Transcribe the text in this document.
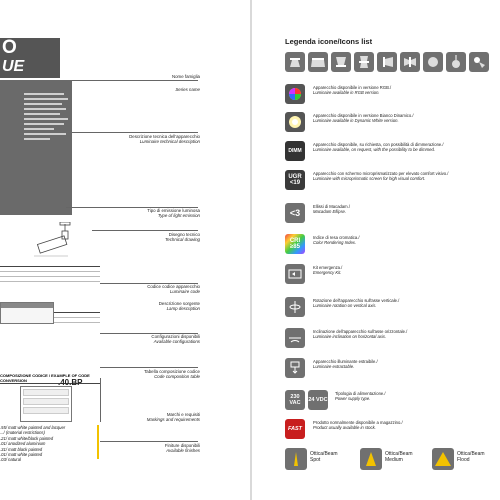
O
UE
Nome famiglia
Series name
Descrizione tecnica dell'apparecchio
Luminaire technical description
Tipo di emissione luminosa
Type of light emission
Disegno tecnico
Technical drawing
Codice codice apparecchio
Luminaire code
Descrizione sorgente
Lamp description
Configurazioni disponibili
Available configurations
Tabella composizione codice
Code composition table
COMPOSIZIONE CODICE / EXAMPLE OF CODE CONVERSION	.40.BP
Marchi e requisiti
Markings and requirements
.55/ matt white painted and lacquer
.../ (material restrictions)
.21/ matt white/black painted
.01/ anodized aluminium
.31/ matt black painted
.01/ matt white painted
.03/ natural
Finiture disponibili
Available finishes
Legenda icone/Icons list
Apparecchio disponibile in versione RGB./
Luminaire available in RGB version.
Apparecchio disponibile in versione Bianco Dinamico./
Luminaire available in Dynamic White version.
DIMM
Apparecchio disponibile, su richiesta, con possibilità di dimmerazione./
Luminaire available, on request, with the possibility to be dimmed.
UGR <19
Apparecchio con schermo microprismatizzato per elevato comfort visivo./
Luminaire with microprismatic screen for high visual comfort.
<3
Ellissi di Macadam./
Macadam Ellipse.
CRI ≥85
Indice di resa cromatica./
Color Rendering Index.
Kit emergenza./
Emergency Kit.
Rotazione dell'apparecchio sull'asse verticale./
Luminaire rotation on vertical axis.
Inclinazione dell'apparecchio sull'asse orizzontale./
Luminaire inclination on horizontal axis.
Apparecchio illuminante estraibile./
Luminaire extractable.
230 VAC	24 VDC
Tipologia di alimentazione./
Power supply type.
FAST
Prodotto normalmente disponibile a magazzino./
Product usually available in stock.
Ottica/Beam
Spot
Ottica/Beam
Medium
Ottica/Beam
Flood
